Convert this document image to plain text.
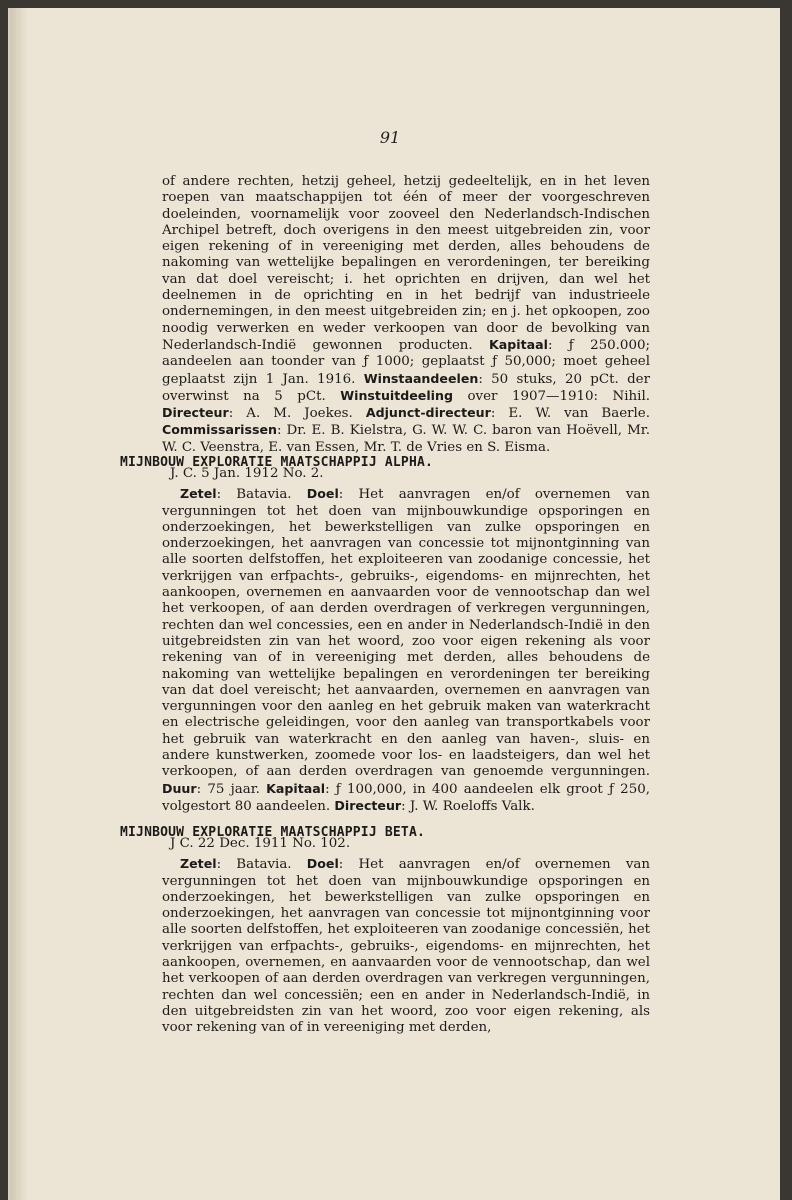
91

of andere rechten, hetzij geheel, hetzij gedeeltelijk, en in het leven roepen van maatschappijen tot één of meer der voorgeschreven doeleinden, voornamelijk voor zooveel den Nederlandsch-Indischen Archipel betreft, doch overigens in den meest uitgebreiden zin, voor eigen rekening of in vereeniging met derden, alles behoudens de nakoming van wettelijke bepalingen en verordeningen, ter bereiking van dat doel vereischt; i. het oprichten en drijven, dan wel het deelnemen in de oprichting en in het bedrijf van industrieele ondernemingen, in den meest uitgebreiden zin; en j. het opkoopen, zoo noodig verwerken en weder verkoopen van door de bevolking van Nederlandsch-Indië gewonnen producten. Kapitaal: ƒ 250.000; aandeelen aan toonder van ƒ 1000; geplaatst ƒ 50,000; moet geheel geplaatst zijn 1 Jan. 1916. Winstaandeelen: 50 stuks, 20 pCt. der overwinst na 5 pCt. Winstuitdeeling over 1907—1910: Nihil. Directeur: A. M. Joekes. Adjunct-directeur: E. W. van Baerle. Commissarissen: Dr. E. B. Kielstra, G. W. W. C. baron van Hoëvell, Mr. W. C. Veenstra, E. van Essen, Mr. T. de Vries en S. Eisma.

MIJNBOUW EXPLORATIE MAATSCHAPPIJ ALPHA.

J. C. 5 Jan. 1912 No. 2.

Zetel: Batavia. Doel: Het aanvragen en/of overnemen van vergunningen tot het doen van mijnbouwkundige opsporingen en onderzoekingen, het bewerkstelligen van zulke opsporingen en onderzoekingen, het aanvragen van concessie tot mijnontginning van alle soorten delfstoffen, het exploiteeren van zoodanige concessie, het verkrijgen van erfpachts-, gebruiks-, eigendoms- en mijnrechten, het aankoopen, overnemen en aanvaarden voor de vennootschap dan wel het verkoopen, of aan derden overdragen of verkregen vergunningen, rechten dan wel concessies, een en ander in Nederlandsch-Indië in den uitgebreidsten zin van het woord, zoo voor eigen rekening als voor rekening van of in vereeniging met derden, alles behoudens de nakoming van wettelijke bepalingen en verordeningen ter bereiking van dat doel vereischt; het aanvaarden, overnemen en aanvragen van vergunningen voor den aanleg en het gebruik maken van waterkracht en electrische geleidingen, voor den aanleg van transportkabels voor het gebruik van waterkracht en den aanleg van haven-, sluis- en andere kunstwerken, zoomede voor los- en laadsteigers, dan wel het verkoopen, of aan derden overdragen van genoemde vergunningen. Duur: 75 jaar. Kapitaal: ƒ 100,000, in 400 aandeelen elk groot ƒ 250, volgestort 80 aandeelen. Directeur: J. W. Roeloffs Valk.

MIJNBOUW EXPLORATIE MAATSCHAPPIJ BETA.

J C. 22 Dec. 1911 No. 102.

Zetel: Batavia. Doel: Het aanvragen en/of overnemen van vergunningen tot het doen van mijnbouwkundige opsporingen en onderzoekingen, het bewerkstelligen van zulke opsporingen en onderzoekingen, het aanvragen van concessie tot mijnontginning voor alle soorten delfstoffen, het exploiteeren van zoodanige concessiën, het verkrijgen van erfpachts-, gebruiks-, eigendoms- en mijnrechten, het aankoopen, overnemen, en aanvaarden voor de vennootschap, dan wel het verkoopen of aan derden overdragen van verkregen vergunningen, rechten dan wel concessiën; een en ander in Nederlandsch-Indië, in den uitgebreidsten zin van het woord, zoo voor eigen rekening, als voor rekening van of in vereeniging met derden,
